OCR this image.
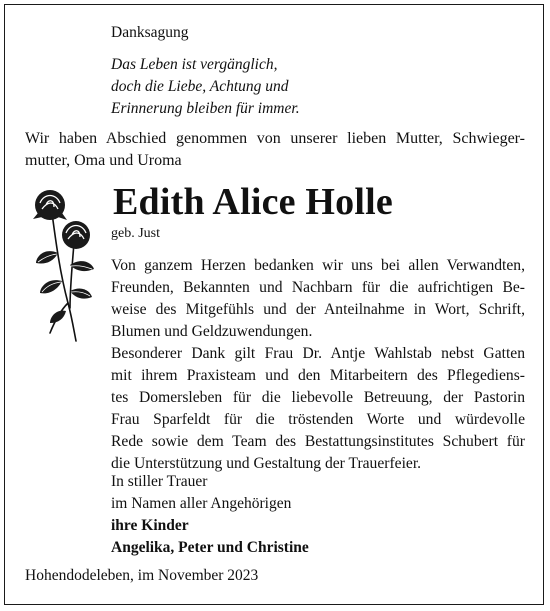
Danksagung
Das Leben ist vergänglich,
doch die Liebe, Achtung und
Erinnerung bleiben für immer.
Wir haben Abschied genommen von unserer lieben Mutter, Schwieger-
mutter, Oma und Uroma
Edith Alice Holle
geb. Just
Von ganzem Herzen bedanken wir uns bei allen Verwandten,
Freunden, Bekannten und Nachbarn für die aufrichtigen Be-
weise des Mitgefühls und der Anteilnahme in Wort, Schrift,
Blumen und Geldzuwendungen.
Besonderer Dank gilt Frau Dr. Antje Wahlstab nebst Gatten
mit ihrem Praxisteam und den Mitarbeitern des Pflegediens-
tes Domersleben für die liebevolle Betreuung, der Pastorin
Frau Sparfeldt für die tröstenden Worte und würdevolle
Rede sowie dem Team des Bestattungsinstitutes Schubert für
die Unterstützung und Gestaltung der Trauerfeier.
In stiller Trauer
im Namen aller Angehörigen
ihre Kinder
Angelika, Peter und Christine
Hohendodeleben, im November 2023
